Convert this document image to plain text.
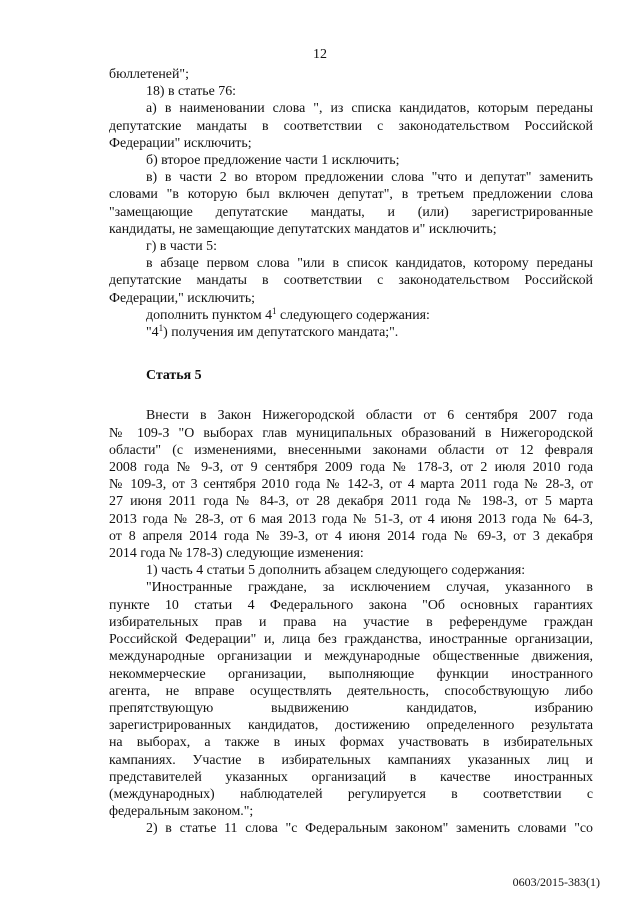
12

бюллетеней";

18) в статье 76:

а) в наименовании слова ", из списка кандидатов, которым переданы

депутатские мандаты в соответствии с законодательством Российской

Федерации" исключить;

б) второе предложение части 1 исключить;

в) в части 2 во втором предложении слова "что и депутат" заменить

словами "в которую был включен депутат", в третьем предложении слова

"замещающие депутатские мандаты, и (или) зарегистрированные

кандидаты, не замещающие депутатских мандатов и" исключить;

г) в части 5:

в абзаце первом слова "или в список кандидатов, которому переданы

депутатские мандаты в соответствии с законодательством Российской

Федерации," исключить;

дополнить пунктом $4^1$ следующего содержания:

"$4^1$) получения им депутатского мандата;".

Статья 5

Внести в Закон Нижегородской области от 6 сентября 2007 года

№ 109-З "О выборах глав муниципальных образований в Нижегородской

области" (с изменениями, внесенными законами области от 12 февраля

2008 года № 9-З, от 9 сентября 2009 года № 178-З, от 2 июля 2010 года

№ 109-З, от 3 сентября 2010 года № 142-З, от 4 марта 2011 года № 28-З, от

27 июня 2011 года № 84-З, от 28 декабря 2011 года № 198-З, от 5 марта

2013 года № 28-З, от 6 мая 2013 года № 51-З, от 4 июня 2013 года № 64-З,

от 8 апреля 2014 года № 39-З, от 4 июня 2014 года № 69-З, от 3 декабря

2014 года № 178-З) следующие изменения:

1) часть 4 статьи 5 дополнить абзацем следующего содержания:

"Иностранные граждане, за исключением случая, указанного в

пункте 10 статьи 4 Федерального закона "Об основных гарантиях

избирательных прав и права на участие в референдуме граждан

Российской Федерации" и, лица без гражданства, иностранные организации,

международные организации и международные общественные движения,

некоммерческие организации, выполняющие функции иностранного

агента, не вправе осуществлять деятельность, способствующую либо

препятствующую выдвижению кандидатов, избранию

зарегистрированных кандидатов, достижению определенного результата

на выборах, а также в иных формах участвовать в избирательных

кампаниях. Участие в избирательных кампаниях указанных лиц и

представителей указанных организаций в качестве иностранных

(международных) наблюдателей регулируется в соответствии с

федеральным законом.";

2) в статье 11 слова "с Федеральным законом" заменить словами "со

0603/2015-383(1)
